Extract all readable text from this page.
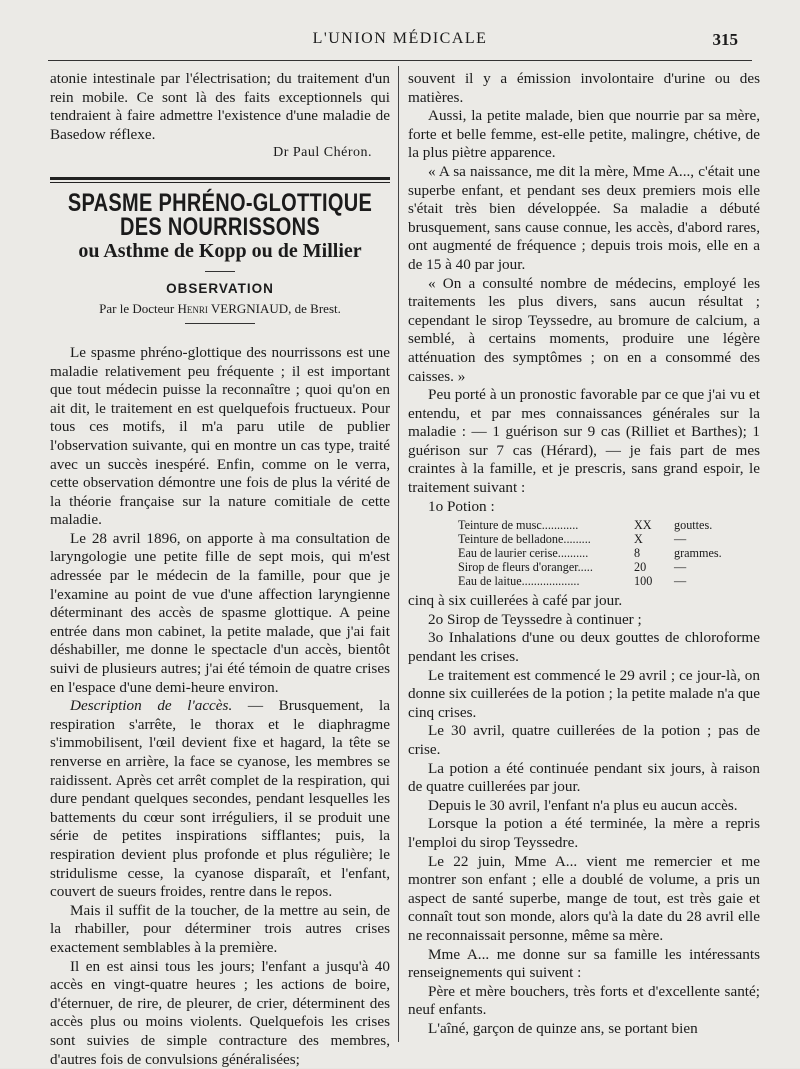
L'UNION MÉDICALE	315

atonie intestinale par l'électrisation; du traitement d'un rein mobile. Ce sont là des faits exceptionnels qui tendraient à faire admettre l'existence d'une maladie de Basedow réflexe.

Dr Paul Chéron.

SPASME PHRÉNO-GLOTTIQUE DES NOURRISSONS
ou Asthme de Kopp ou de Millier
OBSERVATION
Par le Docteur Henri VERGNIAUD, de Brest.

Le spasme phréno-glottique des nourrissons est une maladie relativement peu fréquente ; il est important que tout médecin puisse la reconnaître ; quoi qu'on en ait dit, le traitement en est quelquefois fructueux. Pour tous ces motifs, il m'a paru utile de publier l'observation suivante, qui en montre un cas type, traité avec un succès inespéré. Enfin, comme on le verra, cette observation démontre une fois de plus la vérité de la théorie française sur la nature comitiale de cette maladie.

Le 28 avril 1896, on apporte à ma consultation de laryngologie une petite fille de sept mois, qui m'est adressée par le médecin de la famille, pour que je l'examine au point de vue d'une affection laryngienne déterminant des accès de spasme glottique. A peine entrée dans mon cabinet, la petite malade, que j'ai fait déshabiller, me donne le spectacle d'un accès, bientôt suivi de plusieurs autres; j'ai été témoin de quatre crises en l'espace d'une demi-heure environ.

Description de l'accès. — Brusquement, la respiration s'arrête, le thorax et le diaphragme s'immobilisent, l'œil devient fixe et hagard, la tête se renverse en arrière, la face se cyanose, les membres se raidissent. Après cet arrêt complet de la respiration, qui dure pendant quelques secondes, pendant lesquelles les battements du cœur sont irréguliers, il se produit une série de petites inspirations sifflantes; puis, la respiration devient plus profonde et plus régulière; le stridulisme cesse, la cyanose disparaît, et l'enfant, couvert de sueurs froides, rentre dans le repos.

Mais il suffit de la toucher, de la mettre au sein, de la rhabiller, pour déterminer trois autres crises exactement semblables à la première.

Il en est ainsi tous les jours; l'enfant a jusqu'à 40 accès en vingt-quatre heures ; les actions de boire, d'éternuer, de rire, de pleurer, de crier, déterminent des accès plus ou moins violents. Quelquefois les crises sont suivies de simple contracture des membres, d'autres fois de convulsions généralisées;

souvent il y a émission involontaire d'urine ou des matières.

Aussi, la petite malade, bien que nourrie par sa mère, forte et belle femme, est-elle petite, malingre, chétive, de la plus piètre apparence.

« A sa naissance, me dit la mère, Mme A..., c'était une superbe enfant, et pendant ses deux premiers mois elle s'était très bien développée. Sa maladie a débuté brusquement, sans cause connue, les accès, d'abord rares, ont augmenté de fréquence ; depuis trois mois, elle en a de 15 à 40 par jour.

« On a consulté nombre de médecins, employé les traitements les plus divers, sans aucun résultat ; cependant le sirop Teyssedre, au bromure de calcium, a semblé, à certains moments, produire une légère atténuation des symptômes ; on en a consommé des caisses. »

Peu porté à un pronostic favorable par ce que j'ai vu et entendu, et par mes connaissances générales sur la maladie : — 1 guérison sur 9 cas (Rilliet et Barthes); 1 guérison sur 7 cas (Hérard), — je fais part de mes craintes à la famille, et je prescris, sans grand espoir, le traitement suivant :

1o Potion :

Teinture de musc............	XX	gouttes.
Teinture de belladone.........	X	—
Eau de laurier cerise..........	8	grammes.
Sirop de fleurs d'oranger.....	20	—
Eau de laitue...................	100	—

cinq à six cuillerées à café par jour.

2o Sirop de Teyssedre à continuer ;

3o Inhalations d'une ou deux gouttes de chloroforme pendant les crises.

Le traitement est commencé le 29 avril ; ce jour-là, on donne six cuillerées de la potion ; la petite malade n'a que cinq crises.

Le 30 avril, quatre cuillerées de la potion ; pas de crise.

La potion a été continuée pendant six jours, à raison de quatre cuillerées par jour.

Depuis le 30 avril, l'enfant n'a plus eu aucun accès.

Lorsque la potion a été terminée, la mère a repris l'emploi du sirop Teyssedre.

Le 22 juin, Mme A... vient me remercier et me montrer son enfant ; elle a doublé de volume, a pris un aspect de santé superbe, mange de tout, est très gaie et connaît tout son monde, alors qu'à la date du 28 avril elle ne reconnaissait personne, même sa mère.

Mme A... me donne sur sa famille les intéressants renseignements qui suivent :

Père et mère bouchers, très forts et d'excellente santé; neuf enfants.

L'aîné, garçon de quinze ans, se portant bien
